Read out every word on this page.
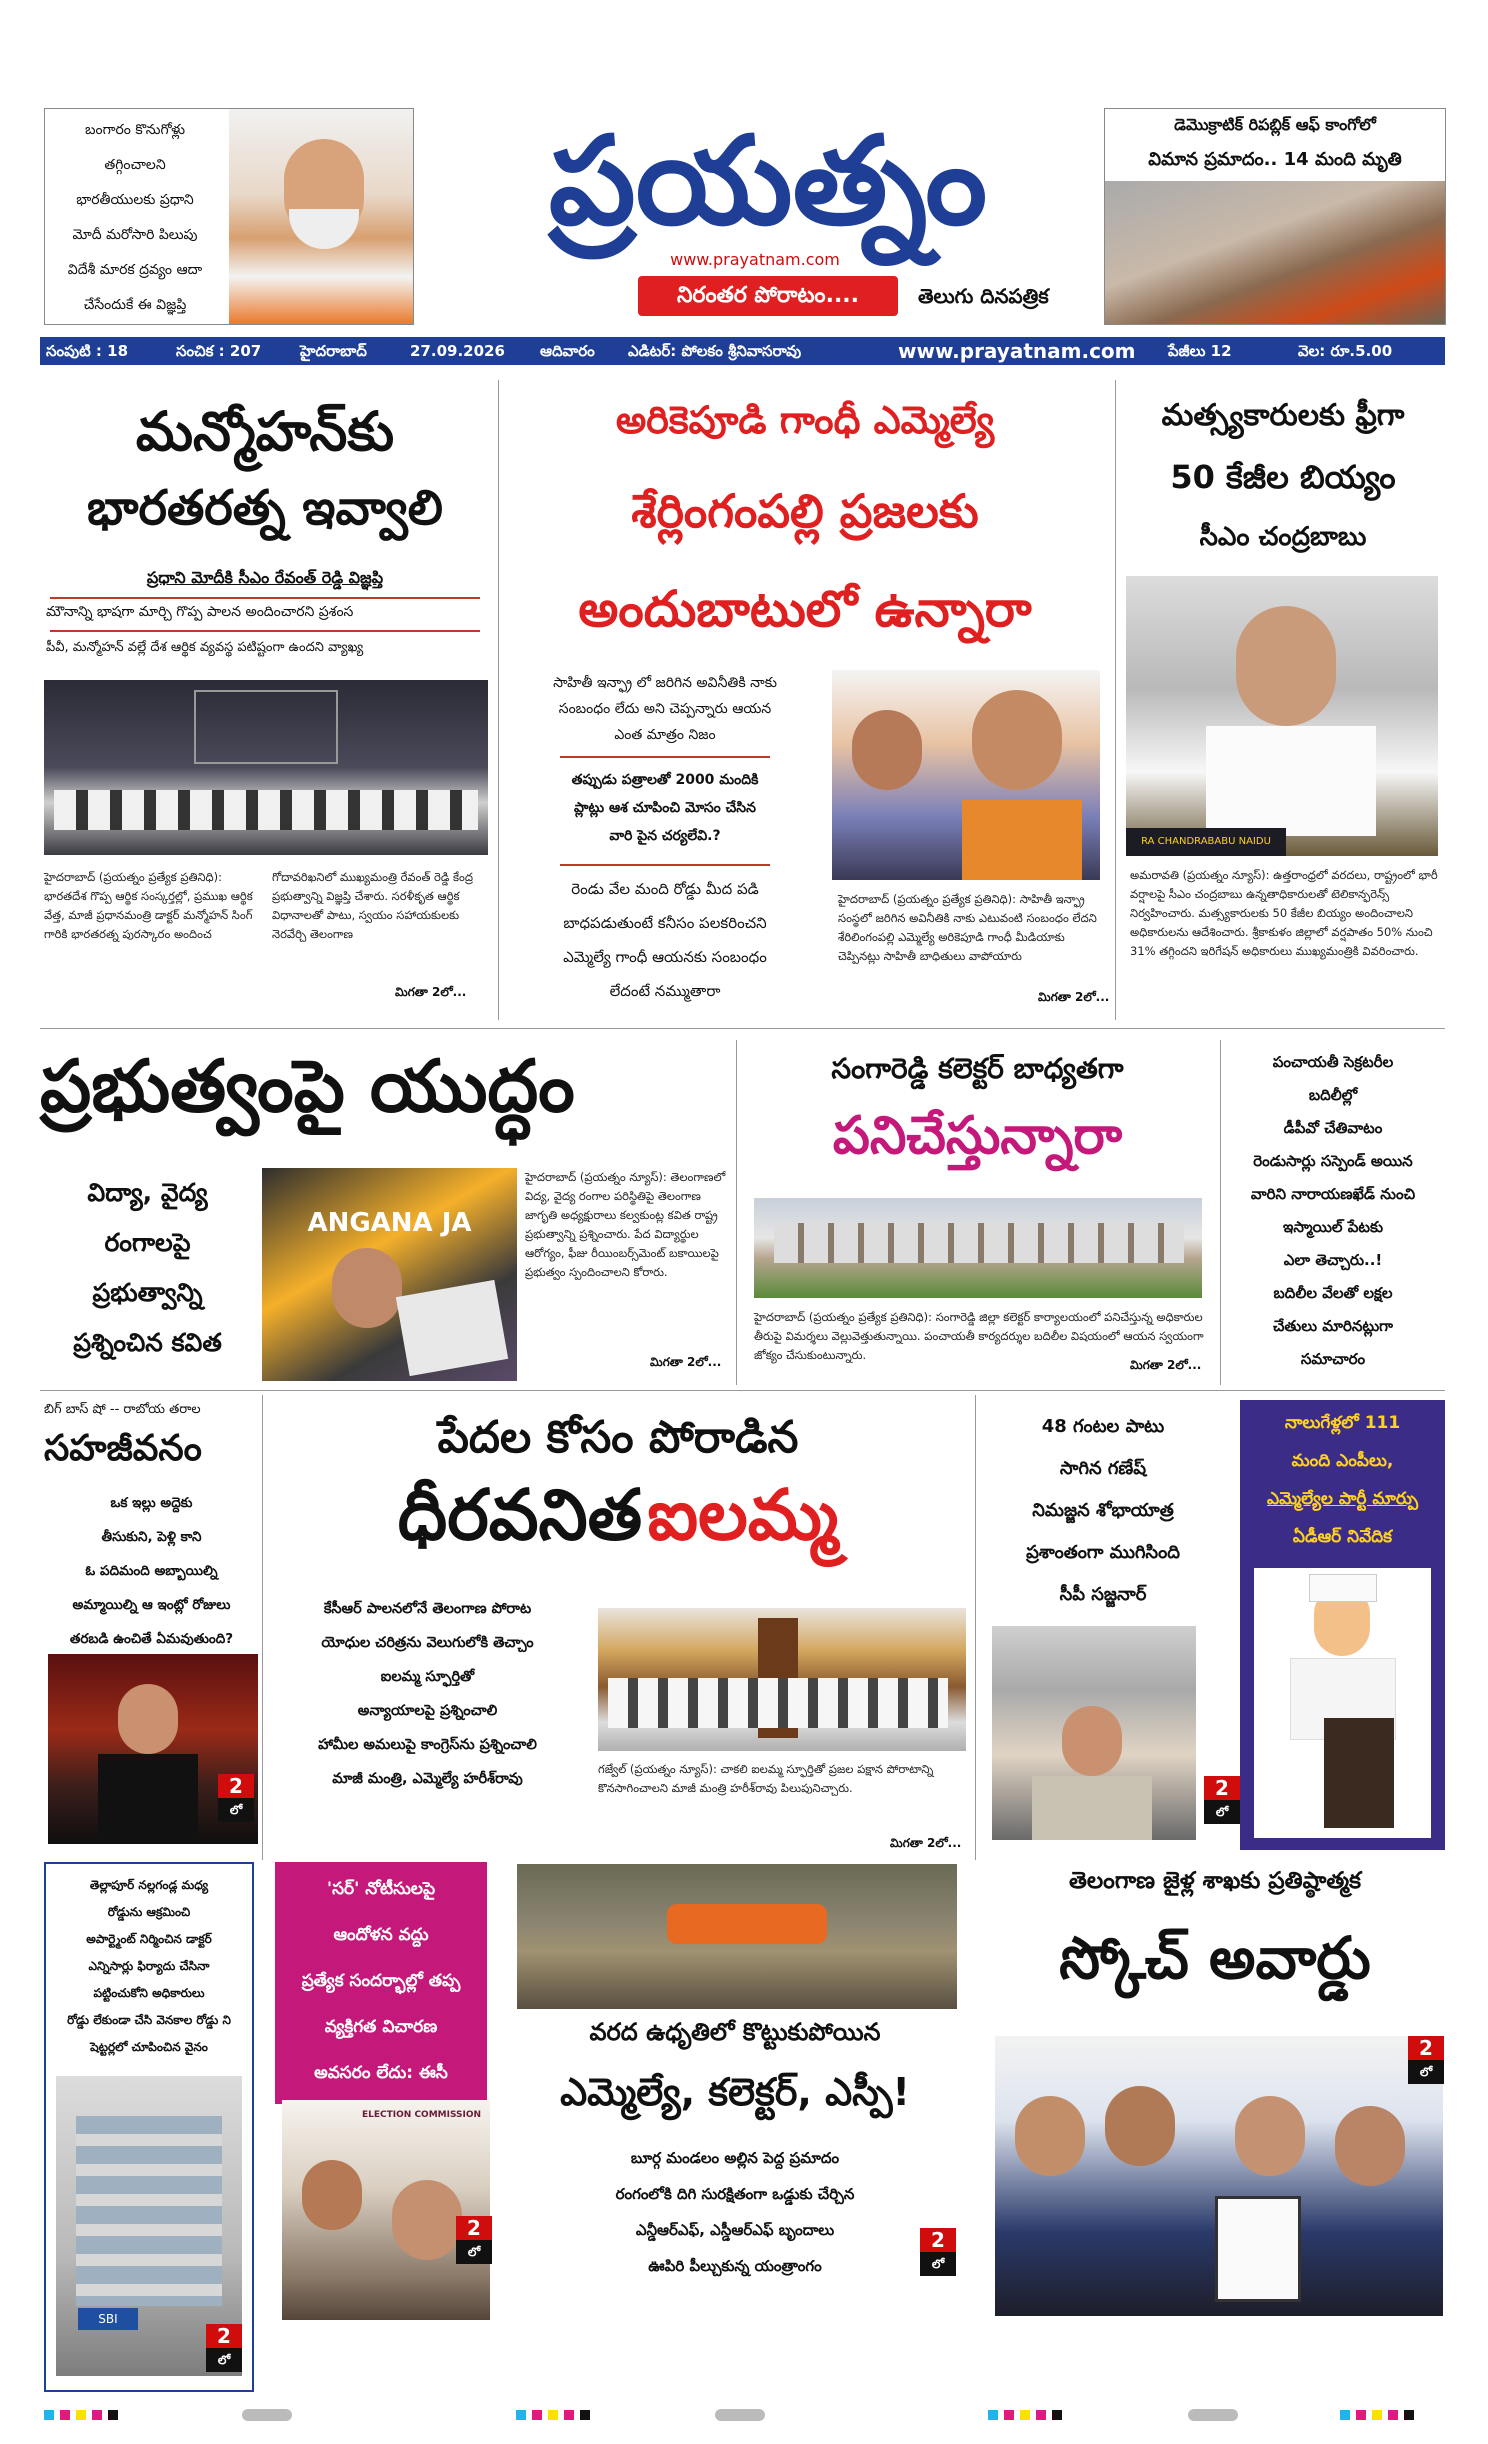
బంగారం కొనుగోళ్లు
తగ్గించాలని
భారతీయులకు ప్రధాని
మోదీ మరోసారి పిలుపు
విదేశీ మారక ద్రవ్యం ఆదా
చేసేందుకే ఈ విజ్ఞప్తి
ప్రయత్నం
www.prayatnam.com
నిరంతర పోరాటం....	తెలుగు దినపత్రిక
డెమొక్రాటిక్ రిపబ్లిక్ ఆఫ్ కాంగోలో
విమాన ప్రమాదం.. 14 మంది మృతి
సంపుటి : 18	సంచిక : 207	హైదరాబాద్	27.09.2026 ఆదివారం ఎడిటర్: పోలకం శ్రీనివాసరావు	www.prayatnam.com పేజీలు 12	వెల: రూ.5.00
మన్మోహన్‌కు
భారతరత్న ఇవ్వాలి
ప్రధాని మోదీకి సీఎం రేవంత్ రెడ్డి విజ్ఞప్తి
మౌనాన్ని భాషగా మార్చి గొప్ప పాలన అందించారని ప్రశంస
పీవీ, మన్మోహన్ వల్లే దేశ ఆర్థిక వ్యవస్థ పటిష్టంగా ఉందని వ్యాఖ్య
హైదరాబాద్ (ప్రయత్నం ప్రత్యేక ప్రతినిధి): భారతదేశ గొప్ప ఆర్థిక సంస్కర్తల్లో, ప్రముఖ ఆర్థిక వేత్త, మాజీ ప్రధానమంత్రి డాక్టర్ మన్మోహన్ సింగ్ గారికి భారతరత్న పురస్కారం అందించ
గోదావరిఖనిలో ముఖ్యమంత్రి రేవంత్ రెడ్డి కేంద్ర ప్రభుత్వాన్ని విజ్ఞప్తి చేశారు. సరళీకృత ఆర్థిక విధానాలతో పాటు, స్వయం సహాయకులకు నెరవేర్చి తెలంగాణ
మిగతా 2లో...
అరికెపూడి గాంధీ ఎమ్మెల్యే
శేర్లింగంపల్లి ప్రజలకు
అందుబాటులో ఉన్నారా
సాహితీ ఇన్ఫ్రా లో జరిగిన అవినీతికి నాకు
సంబంధం లేదు అని చెప్పన్నారు ఆయన
ఎంత మాత్రం నిజం
తప్పుడు పత్రాలతో 2000 మందికి
ప్లాట్లు ఆశ చూపించి మోసం చేసిన
వారి పైన చర్యలేవి.?
రెండు వేల మంది రోడ్డు మీద పడి
బాధపడుతుంటే కనీసం పలకరించని
ఎమ్మెల్యే గాంధీ ఆయనకు సంబంధం
లేదంటే నమ్ముతారా
హైదరాబాద్ (ప్రయత్నం ప్రత్యేక ప్రతినిధి): సాహితీ ఇన్ఫ్రా సంస్థలో జరిగిన అవినీతికి నాకు ఎటువంటి సంబంధం లేదని శేరిలింగంపల్లి ఎమ్మెల్యే అరికెపూడి గాంధీ మీడియాకు చెప్పినట్లు సాహితీ బాధితులు వాపోయారు
మిగతా 2లో...
మత్స్యకారులకు ఫ్రీగా
50 కేజీల బియ్యం
సీఎం చంద్రబాబు
RA CHANDRABABU NAIDU
అమరావతి (ప్రయత్నం న్యూస్): ఉత్తరాంధ్రలో వరదలు, రాష్ట్రంలో భారీ వర్షాలపై సీఎం చంద్రబాబు ఉన్నతాధికారులతో టెలికాన్ఫరెన్స్ నిర్వహించారు. మత్స్యకారులకు 50 కేజీల బియ్యం అందించాలని అధికారులను ఆదేశించారు. శ్రీకాకుళం జిల్లాలో వర్షపాతం 50% నుంచి 31% తగ్గిందని ఇరిగేషన్ అధికారులు ముఖ్యమంత్రికి వివరించారు.
ప్రభుత్వంపై యుద్ధం
విద్యా, వైద్య
రంగాలపై
ప్రభుత్వాన్ని
ప్రశ్నించిన కవిత
ANGANA JA
హైదరాబాద్ (ప్రయత్నం న్యూస్): తెలంగాణలో విద్య, వైద్య రంగాల పరిస్థితిపై తెలంగాణ జాగృతి అధ్యక్షురాలు కల్వకుంట్ల కవిత రాష్ట్ర ప్రభుత్వాన్ని ప్రశ్నించారు. పేద విద్యార్థుల ఆరోగ్యం, ఫీజు రీయింబర్స్‌మెంట్ బకాయిలపై ప్రభుత్వం స్పందించాలని కోరారు.
మిగతా 2లో...
సంగారెడ్డి కలెక్టర్ బాధ్యతగా
పనిచేస్తున్నారా
హైదరాబాద్ (ప్రయత్నం ప్రత్యేక ప్రతినిధి): సంగారెడ్డి జిల్లా కలెక్టర్ కార్యాలయంలో పనిచేస్తున్న అధికారుల తీరుపై విమర్శలు వెల్లువెత్తుతున్నాయి. పంచాయతీ కార్యదర్శుల బదిలీల విషయంలో ఆయన స్వయంగా జోక్యం చేసుకుంటున్నారు.
మిగతా 2లో...
పంచాయతీ సెక్రటరీల
బదిలీల్లో
డీపీవో చేతివాటం
రెండుసార్లు సస్పెండ్ అయిన
వారిని నారాయణఖేడ్ నుంచి
ఇస్మాయిల్ పేటకు
ఎలా తెచ్చారు..!
బదిలీల వేలతో లక్షల
చేతులు మారినట్లుగా
సమాచారం
బిగ్ బాస్ షో -- రాబోయ తరాల
సహజీవనం
ఒక ఇల్లు అద్దెకు
తీసుకుని, పెళ్లి కాని
ఓ పదిమంది అబ్బాయిల్ని
అమ్మాయిల్ని ఆ ఇంట్లో రోజులు
తరబడి ఉంచితే ఏమవుతుంది?
2
లో
పేదల కోసం పోరాడిన
ధీరవనిత ఐలమ్మ
కేసీఆర్ పాలనలోనే తెలంగాణ పోరాట
యోధుల చరిత్రను వెలుగులోకి తెచ్చాం
ఐలమ్మ స్ఫూర్తితో
అన్యాయాలపై ప్రశ్నించాలి
హామీల అమలుపై కాంగ్రెస్‌ను ప్రశ్నించాలి
మాజీ మంత్రి, ఎమ్మెల్యే హరీశ్‌రావు
గజ్వేల్ (ప్రయత్నం న్యూస్): చాకలి ఐలమ్మ స్ఫూర్తితో ప్రజల పక్షాన పోరాటాన్ని కొనసాగించాలని మాజీ మంత్రి హరీశ్‌రావు పిలుపునిచ్చారు.
మిగతా 2లో...
48 గంటల పాటు
సాగిన గణేష్
నిమజ్జన శోభాయాత్ర
ప్రశాంతంగా ముగిసింది
సీపీ సజ్జనార్
2
లో
నాలుగేళ్లలో 111
మంది ఎంపీలు,
ఎమ్మెల్యేల పార్టీ మార్పు
ఏడీఆర్ నివేదిక
తెల్లాపూర్ నల్లగండ్ల మధ్య
రోడ్డును ఆక్రమించి
అపార్ట్మెంట్ నిర్మించిన డాక్టర్
ఎన్నిసార్లు ఫిర్యాదు చేసినా
పట్టించుకోని అధికారులు
రోడ్డు లేకుండా చేసి వెనకాల రోడ్డు ని
షెట్టర్లలో చూపించిన వైనం
SBI
2
లో
'సర్' నోటీసులపై
ఆందోళన వద్దు
ప్రత్యేక సందర్భాల్లో తప్ప
వ్యక్తిగత విచారణ
అవసరం లేదు: ఈసీ
ELECTION COMMISSION
2
లో
వరద ఉధృతిలో కొట్టుకుపోయిన
ఎమ్మెల్యే, కలెక్టర్, ఎస్పీ!
బూర్గ మండలం అల్లిన పెద్ద ప్రమాదం
రంగంలోకి దిగి సురక్షితంగా ఒడ్డుకు చేర్చిన
ఎన్డీఆర్ఎఫ్, ఎస్డీఆర్ఎఫ్ బృందాలు
ఊపిరి పీల్చుకున్న యంత్రాంగం
2
లో
తెలంగాణ జైళ్ల శాఖకు ప్రతిష్ఠాత్మక
స్కోచ్ అవార్డు
2
లో
